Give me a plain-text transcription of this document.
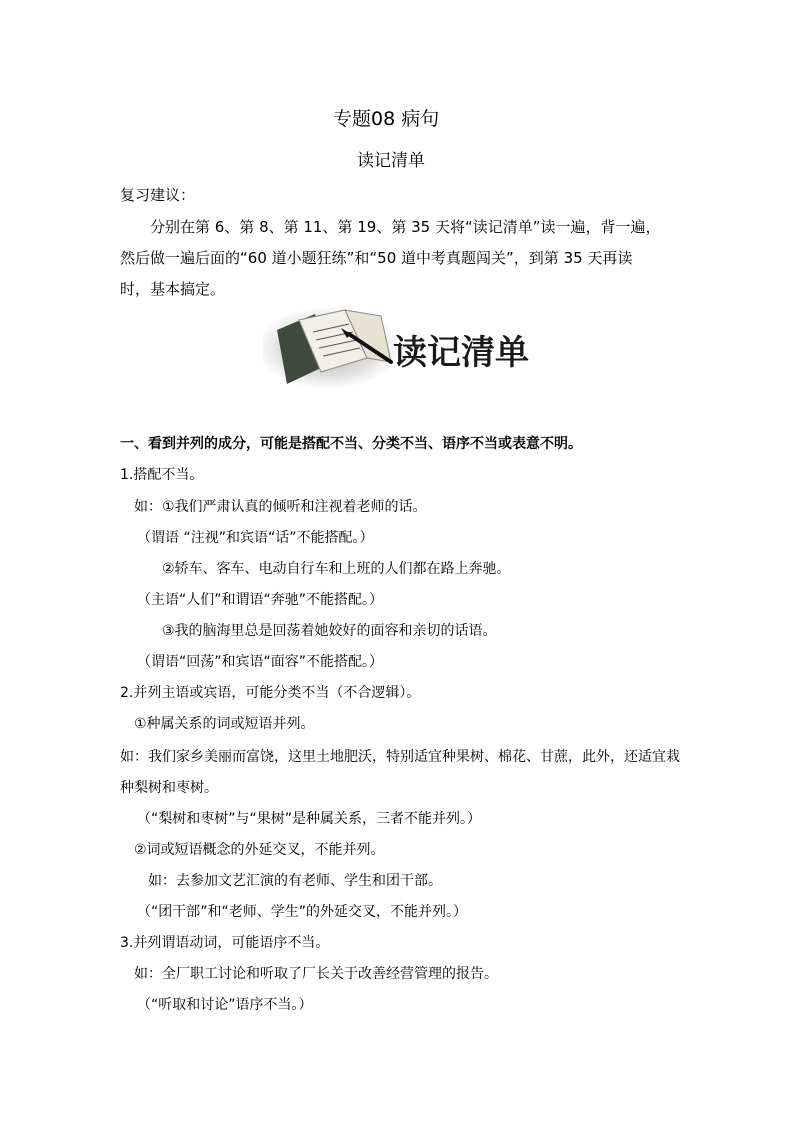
专题08 病句
读记清单
复习建议：
分别在第 6、第 8、第 11、第 19、第 35 天将“读记清单”读一遍，背一遍，
然后做一遍后面的“60 道小题狂练”和“50 道中考真题闯关”，到第 35 天再读
时，基本搞定。
读记清单
一、看到并列的成分，可能是搭配不当、分类不当、语序不当或表意不明。
1.搭配不当。
如：①我们严肃认真的倾听和注视着老师的话。
（谓语 “注视”和宾语“话”不能搭配。）
②轿车、客车、电动自行车和上班的人们都在路上奔驰。
（主语“人们”和谓语“奔驰”不能搭配。）
③我的脑海里总是回荡着她姣好的面容和亲切的话语。
（谓语“回荡”和宾语“面容”不能搭配。）
2.并列主语或宾语，可能分类不当（不合逻辑）。
①种属关系的词或短语并列。
如：我们家乡美丽而富饶，这里土地肥沃，特别适宜种果树、棉花、甘蔗，此外，还适宜栽
种梨树和枣树。
（“梨树和枣树”与“果树”是种属关系，三者不能并列。）
②词或短语概念的外延交叉，不能并列。
如：去参加文艺汇演的有老师、学生和团干部。
（“团干部”和“老师、学生”的外延交叉，不能并列。）
3.并列谓语动词，可能语序不当。
如：全厂职工讨论和听取了厂长关于改善经营管理的报告。
（“听取和讨论”语序不当。）
